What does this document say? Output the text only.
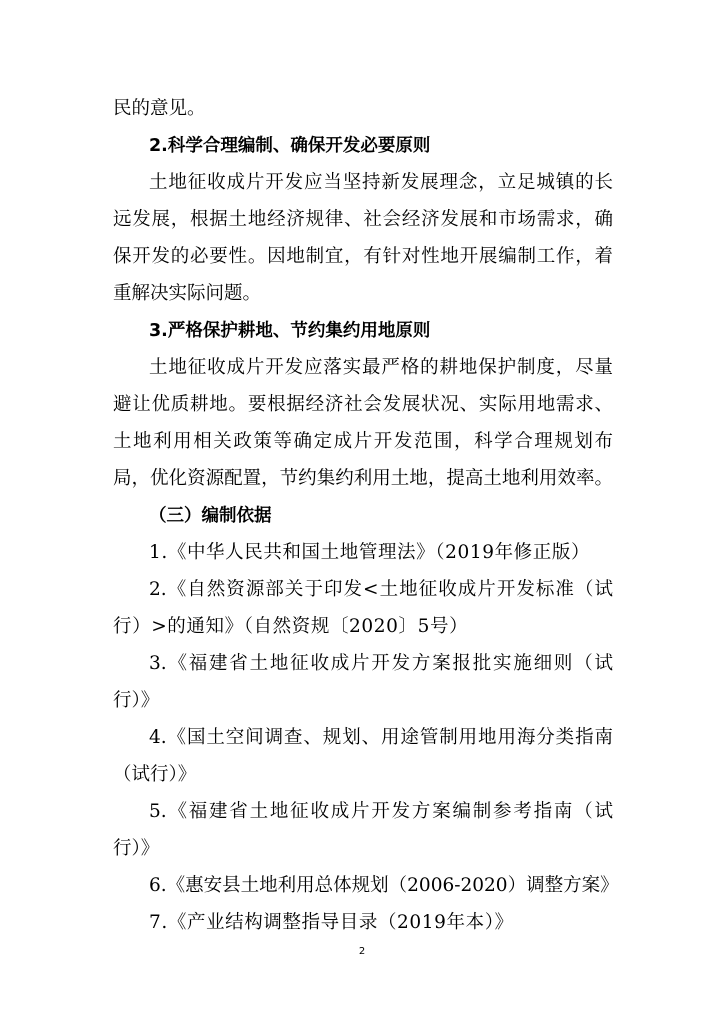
民的意见。
2.科学合理编制、确保开发必要原则
土地征收成片开发应当坚持新发展理念，立足城镇的长
远发展，根据土地经济规律、社会经济发展和市场需求，确
保开发的必要性。因地制宜，有针对性地开展编制工作，着
重解决实际问题。
3.严格保护耕地、节约集约用地原则
土地征收成片开发应落实最严格的耕地保护制度，尽量
避让优质耕地。要根据经济社会发展状况、实际用地需求、
土地利用相关政策等确定成片开发范围，科学合理规划布
局，优化资源配置，节约集约利用土地，提高土地利用效率。
（三）编制依据
1.《中华人民共和国土地管理法》（2019年修正版）
2.《自然资源部关于印发<土地征收成片开发标准（试
行）>的通知》（自然资规〔2020〕5号）
3.《福建省土地征收成片开发方案报批实施细则（试
行）》
4.《国土空间调查、规划、用途管制用地用海分类指南
（试行）》
5.《福建省土地征收成片开发方案编制参考指南（试
行）》
6.《惠安县土地利用总体规划（2006-2020）调整方案》
7.《产业结构调整指导目录（2019年本）》
2
